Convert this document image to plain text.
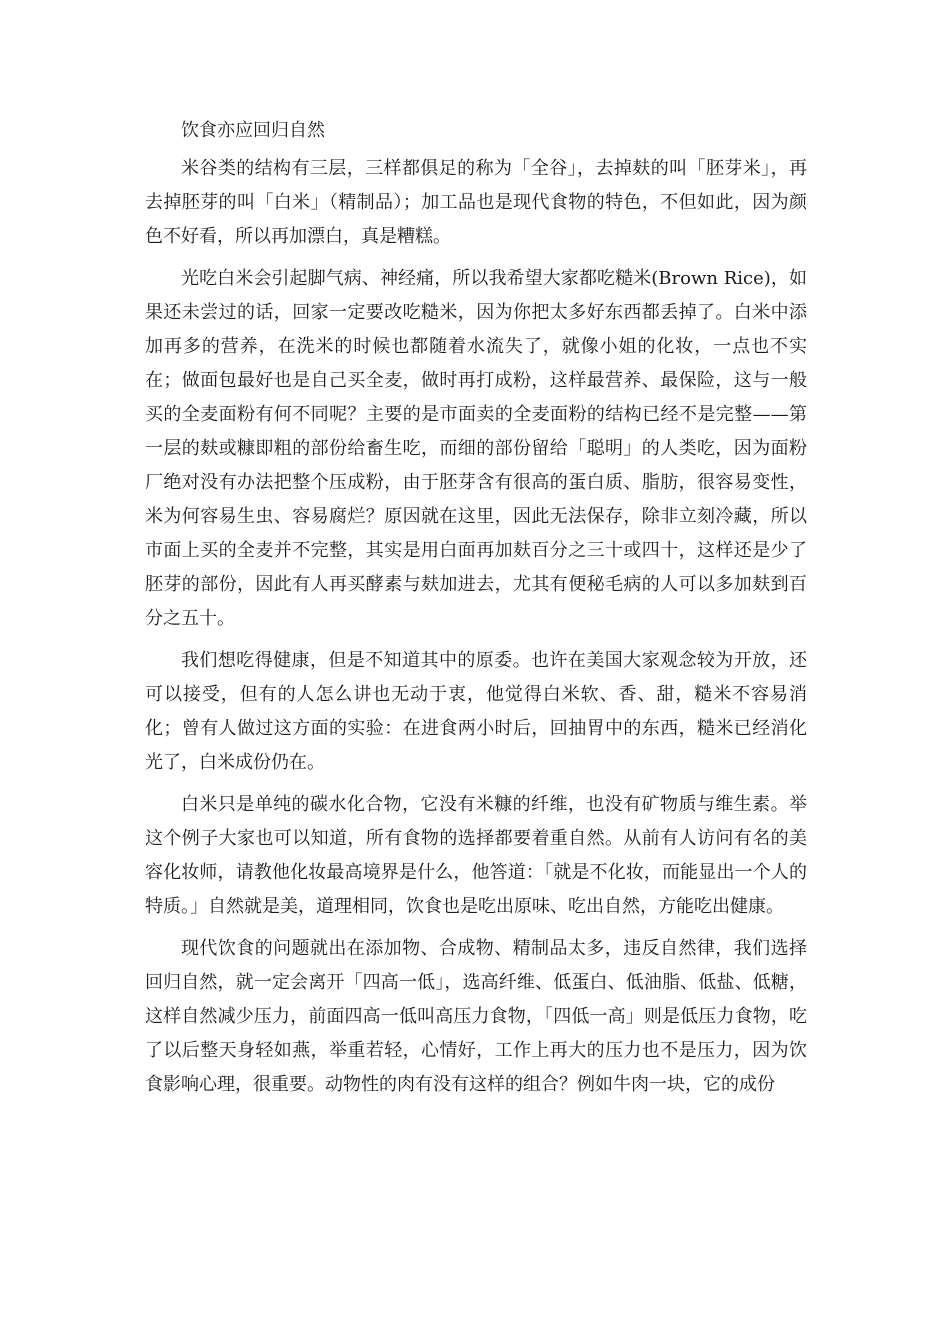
饮食亦应回归自然

米谷类的结构有三层，三样都俱足的称为「全谷」，去掉麸的叫「胚芽米」，再去掉胚芽的叫「白米」（精制品）；加工品也是现代食物的特色，不但如此，因为颜色不好看，所以再加漂白，真是糟糕。

光吃白米会引起脚气病、神经痛，所以我希望大家都吃糙米(Brown Rice)，如果还未尝过的话，回家一定要改吃糙米，因为你把太多好东西都丢掉了。白米中添加再多的营养，在洗米的时候也都随着水流失了，就像小姐的化妆，一点也不实在；做面包最好也是自己买全麦，做时再打成粉，这样最营养、最保险，这与一般买的全麦面粉有何不同呢？主要的是市面卖的全麦面粉的结构已经不是完整——第一层的麸或糠即粗的部份给畜生吃，而细的部份留给「聪明」的人类吃，因为面粉厂绝对没有办法把整个压成粉，由于胚芽含有很高的蛋白质、脂肪，很容易变性，米为何容易生虫、容易腐烂？原因就在这里，因此无法保存，除非立刻冷藏，所以市面上买的全麦并不完整，其实是用白面再加麸百分之三十或四十，这样还是少了胚芽的部份，因此有人再买酵素与麸加进去，尤其有便秘毛病的人可以多加麸到百分之五十。

我们想吃得健康，但是不知道其中的原委。也许在美国大家观念较为开放，还可以接受，但有的人怎么讲也无动于衷，他觉得白米软、香、甜，糙米不容易消化；曾有人做过这方面的实验：在进食两小时后，回抽胃中的东西，糙米已经消化光了，白米成份仍在。

白米只是单纯的碳水化合物，它没有米糠的纤维，也没有矿物质与维生素。举这个例子大家也可以知道，所有食物的选择都要着重自然。从前有人访问有名的美容化妆师，请教他化妆最高境界是什么，他答道：「就是不化妆，而能显出一个人的特质。」自然就是美，道理相同，饮食也是吃出原味、吃出自然，方能吃出健康。

现代饮食的问题就出在添加物、合成物、精制品太多，违反自然律，我们选择回归自然，就一定会离开「四高一低」，选高纤维、低蛋白、低油脂、低盐、低糖，这样自然减少压力，前面四高一低叫高压力食物，「四低一高」则是低压力食物，吃了以后整天身轻如燕，举重若轻，心情好，工作上再大的压力也不是压力，因为饮食影响心理，很重要。动物性的肉有没有这样的组合？例如牛肉一块，它的成份
